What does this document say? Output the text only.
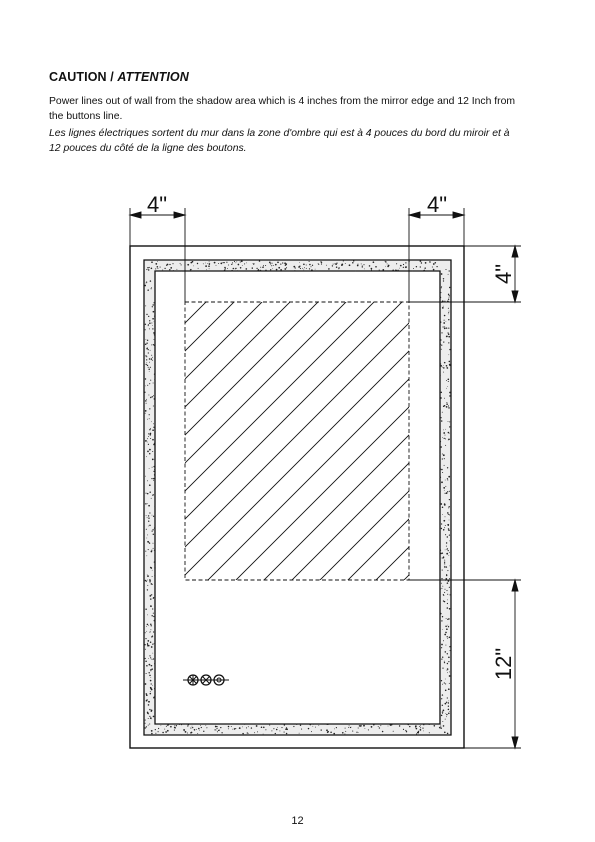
CAUTION / ATTENTION
Power lines out of wall from the shadow area which is 4 inches from the mirror edge and 12 Inch from the buttons line.
Les lignes électriques sortent du mur dans la zone d'ombre qui est à 4 pouces du bord du miroir et à 12 pouces du côté de la ligne des boutons.
4"	4"
4"
12"
12
